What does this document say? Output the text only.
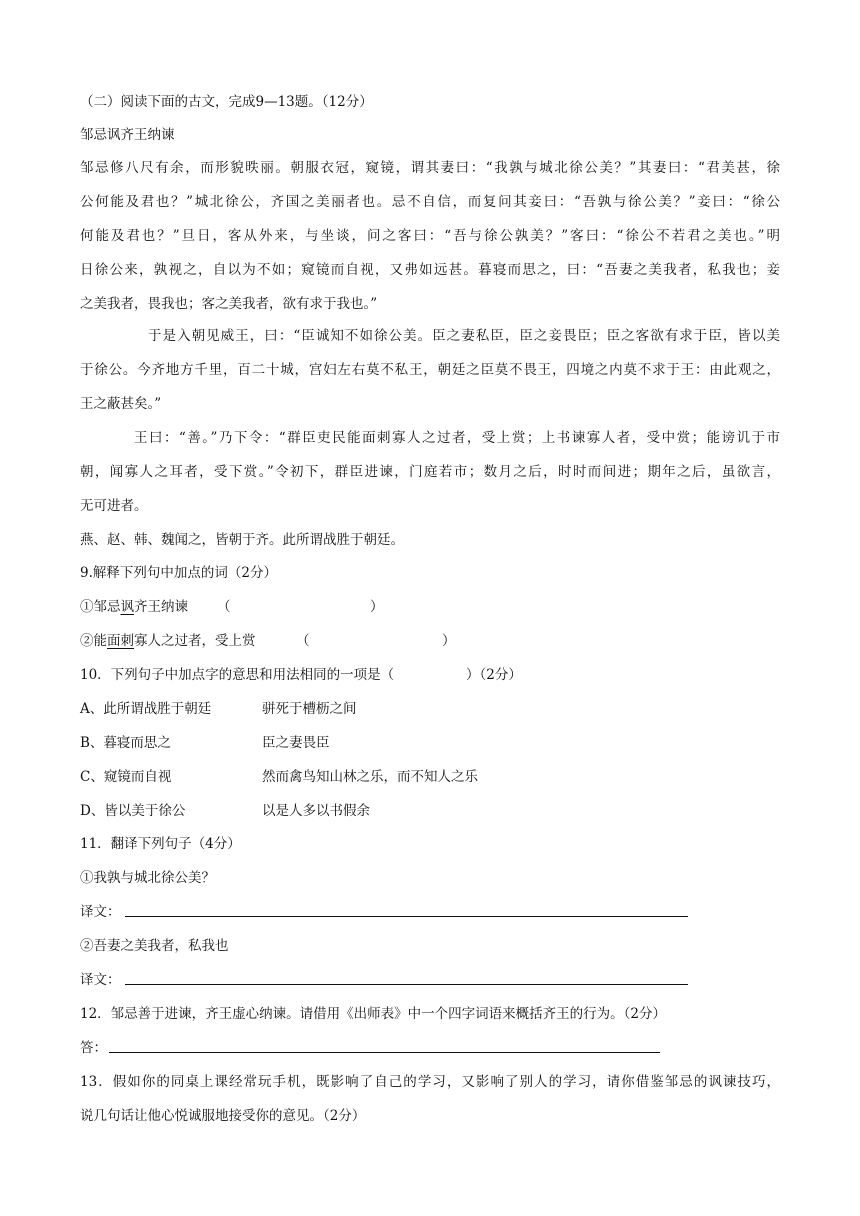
（二）阅读下面的古文，完成9—13题。（12分）
邹忌讽齐王纳谏
邹忌修八尺有余，而形貌昳丽。朝服衣冠，窥镜，谓其妻曰：“我孰与城北徐公美？”其妻曰：“君美甚，徐
公何能及君也？”城北徐公，齐国之美丽者也。忌不自信，而复问其妾曰：“吾孰与徐公美？”妾曰：“徐公
何能及君也？”旦日，客从外来，与坐谈，问之客曰：“吾与徐公孰美？”客曰：“徐公不若君之美也。”明
日徐公来，孰视之，自以为不如；窥镜而自视，又弗如远甚。暮寝而思之，曰：“吾妻之美我者，私我也；妾
之美我者，畏我也；客之美我者，欲有求于我也。”
于是入朝见威王，曰：“臣诚知不如徐公美。臣之妻私臣，臣之妾畏臣；臣之客欲有求于臣，皆以美
于徐公。今齐地方千里，百二十城，宫妇左右莫不私王，朝廷之臣莫不畏王，四境之内莫不求于王：由此观之，
王之蔽甚矣。”
王曰：“善。”乃下令：“群臣吏民能面刺寡人之过者，受上赏；上书谏寡人者，受中赏；能谤讥于市
朝，闻寡人之耳者，受下赏。”令初下，群臣进谏，门庭若市；数月之后，时时而间进；期年之后，虽欲言，
无可进者。
燕、赵、韩、魏闻之，皆朝于齐。此所谓战胜于朝廷。
9.解释下列句中加点的词（2分）
①邹忌讽齐王纳谏 （	）
②能面刺寡人之过者，受上赏	（	）
10．下列句子中加点字的意思和用法相同的一项是（	）（2分）
A、此所谓战胜于朝廷	骈死于槽枥之间
B、暮寝而思之	臣之妻畏臣
C、窥镜而自视	然而禽鸟知山林之乐，而不知人之乐
D、皆以美于徐公	以是人多以书假余
11．翻译下列句子（4分）
①我孰与城北徐公美？
译文：
②吾妻之美我者，私我也
译文：
12．邹忌善于进谏，齐王虚心纳谏。请借用《出师表》中一个四字词语来概括齐王的行为。（2分）
答：
13．假如你的同桌上课经常玩手机，既影响了自己的学习，又影响了别人的学习，请你借鉴邹忌的讽谏技巧，
说几句话让他心悦诚服地接受你的意见。（2分）
